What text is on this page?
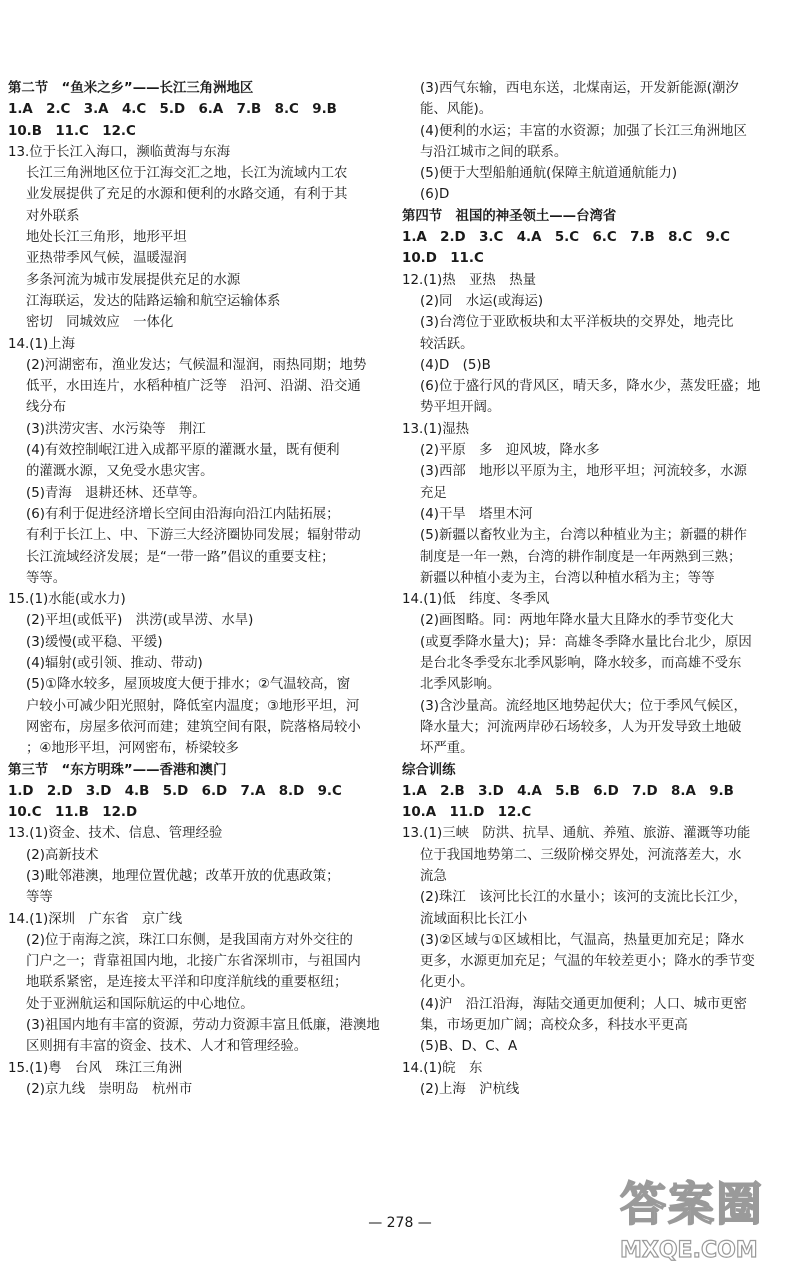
第二节　“鱼米之乡”——长江三角洲地区
1.A　2.C　3.A　4.C　5.D　6.A　7.B　8.C　9.B
10.B　11.C　12.C
13.位于长江入海口，濒临黄海与东海
长江三角洲地区位于江海交汇之地，长江为流域内工农
业发展提供了充足的水源和便利的水路交通，有利于其
对外联系
地处长江三角形，地形平坦
亚热带季风气候，温暖湿润
多条河流为城市发展提供充足的水源
江海联运，发达的陆路运输和航空运输体系
密切　同城效应　一体化
14.(1)上海
(2)河湖密布，渔业发达；气候温和湿润，雨热同期；地势
低平，水田连片，水稻种植广泛等　沿河、沿湖、沿交通
线分布
(3)洪涝灾害、水污染等　荆江
(4)有效控制岷江进入成都平原的灌溉水量，既有便利
的灌溉水源，又免受水患灾害。
(5)青海　退耕还林、还草等。
(6)有利于促进经济增长空间由沿海向沿江内陆拓展；
有利于长江上、中、下游三大经济圈协同发展；辐射带动
长江流域经济发展；是“一带一路”倡议的重要支柱；
等等。
15.(1)水能(或水力)
(2)平坦(或低平)　洪涝(或旱涝、水旱)
(3)缓慢(或平稳、平缓)
(4)辐射(或引领、推动、带动)
(5)①降水较多，屋顶坡度大便于排水；②气温较高，窗
户较小可减少阳光照射，降低室内温度；③地形平坦，河
网密布，房屋多依河而建；建筑空间有限，院落格局较小
；④地形平坦，河网密布，桥梁较多
第三节　“东方明珠”——香港和澳门
1.D　2.D　3.D　4.B　5.D　6.D　7.A　8.D　9.C
10.C　11.B　12.D
13.(1)资金、技术、信息、管理经验
(2)高新技术
(3)毗邻港澳，地理位置优越；改革开放的优惠政策；
等等
14.(1)深圳　广东省　京广线
(2)位于南海之滨，珠江口东侧，是我国南方对外交往的
门户之一；背靠祖国内地，北接广东省深圳市，与祖国内
地联系紧密，是连接太平洋和印度洋航线的重要枢纽；
处于亚洲航运和国际航运的中心地位。
(3)祖国内地有丰富的资源，劳动力资源丰富且低廉，港澳地
区则拥有丰富的资金、技术、人才和管理经验。
15.(1)粤　台风　珠江三角洲
(2)京九线　崇明岛　杭州市
(3)西气东输，西电东送，北煤南运，开发新能源(潮汐
能、风能)。
(4)便利的水运；丰富的水资源；加强了长江三角洲地区
与沿江城市之间的联系。
(5)便于大型船舶通航(保障主航道通航能力)
(6)D
第四节　祖国的神圣领土——台湾省
1.A　2.D　3.C　4.A　5.C　6.C　7.B　8.C　9.C
10.D　11.C
12.(1)热　亚热　热量
(2)同　水运(或海运)
(3)台湾位于亚欧板块和太平洋板块的交界处，地壳比
较活跃。
(4)D　(5)B
(6)位于盛行风的背风区，晴天多，降水少，蒸发旺盛；地
势平坦开阔。
13.(1)湿热
(2)平原　多　迎风坡，降水多
(3)西部　地形以平原为主，地形平坦；河流较多，水源
充足
(4)干旱　塔里木河
(5)新疆以畜牧业为主，台湾以种植业为主；新疆的耕作
制度是一年一熟，台湾的耕作制度是一年两熟到三熟；
新疆以种植小麦为主，台湾以种植水稻为主；等等
14.(1)低　纬度、冬季风
(2)画图略。同：两地年降水量大且降水的季节变化大
(或夏季降水量大)；异：高雄冬季降水量比台北少，原因
是台北冬季受东北季风影响，降水较多，而高雄不受东
北季风影响。
(3)含沙量高。流经地区地势起伏大；位于季风气候区，
降水量大；河流两岸砂石场较多，人为开发导致土地破
坏严重。
综合训练
1.A　2.B　3.D　4.A　5.B　6.D　7.D　8.A　9.B
10.A　11.D　12.C
13.(1)三峡　防洪、抗旱、通航、养殖、旅游、灌溉等功能
位于我国地势第二、三级阶梯交界处，河流落差大，水
流急
(2)珠江　该河比长江的水量小；该河的支流比长江少，
流域面积比长江小
(3)②区域与①区域相比，气温高，热量更加充足；降水
更多，水源更加充足；气温的年较差更小；降水的季节变
化更小。
(4)沪　沿江沿海，海陆交通更加便利；人口、城市更密
集，市场更加广阔；高校众多，科技水平更高
(5)B、D、C、A
14.(1)皖　东
(2)上海　沪杭线
— 278 —	答案圈
MXQE.COM
